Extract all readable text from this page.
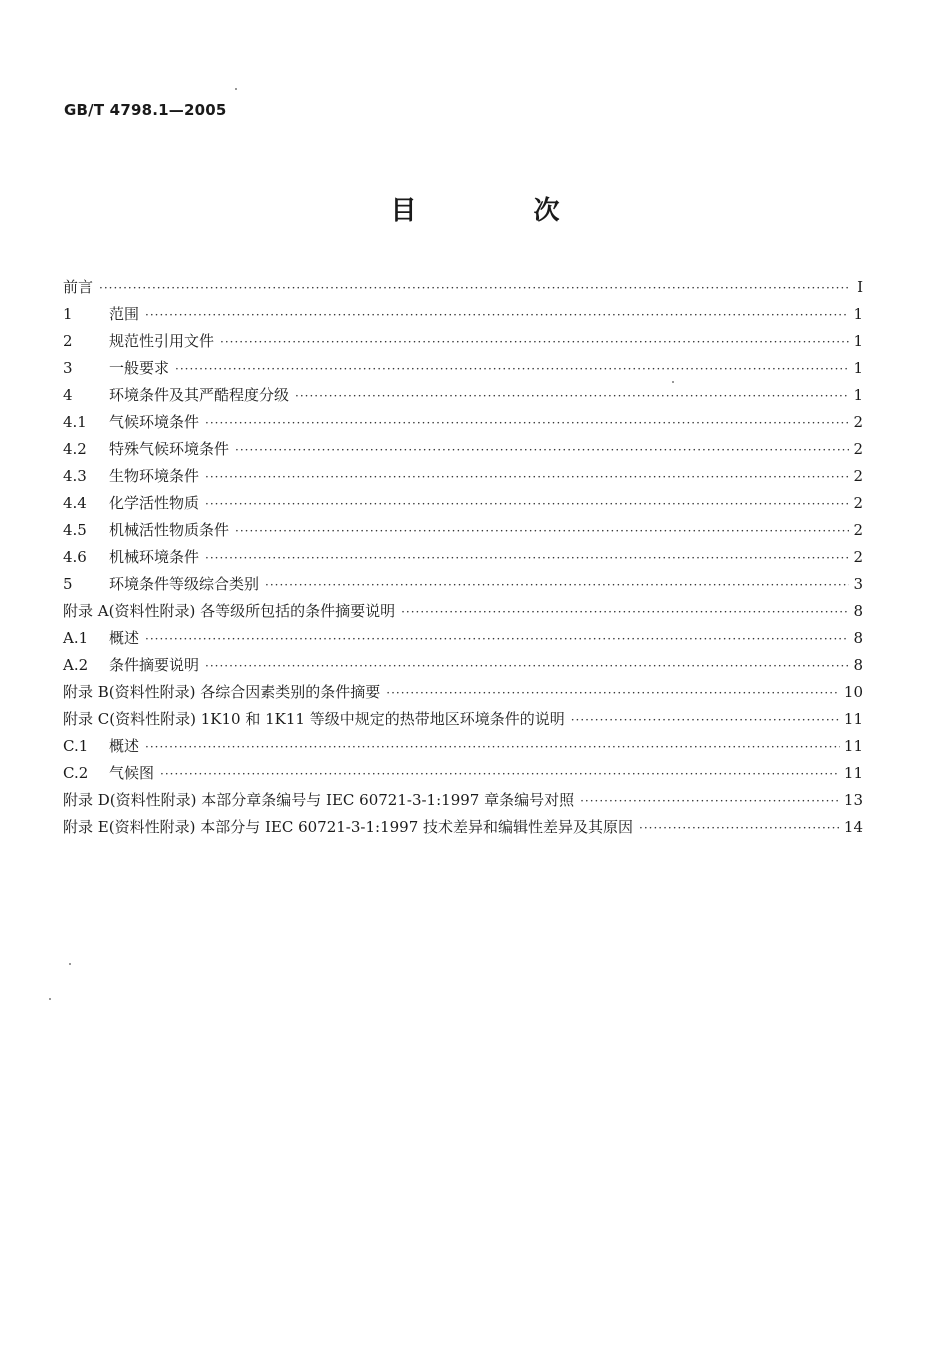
GB/T 4798.1—2005
目 次
前言 ·····	I
1	范围 ·····	1
2	规范性引用文件 ·····	1
3	一般要求 ·····	1
4	环境条件及其严酷程度分级 ·····	1
4.1	气候环境条件 ·····	2
4.2	特殊气候环境条件 ·····	2
4.3	生物环境条件 ·····	2
4.4	化学活性物质 ·····	2
4.5	机械活性物质条件 ·····	2
4.6	机械环境条件 ·····	2
5	环境条件等级综合类别 ·····	3
附录 A(资料性附录) 各等级所包括的条件摘要说明 ·····	8
A.1	概述 ·····	8
A.2	条件摘要说明 ·····	8
附录 B(资料性附录) 各综合因素类别的条件摘要 ·····	10
附录 C(资料性附录) 1K10 和 1K11 等级中规定的热带地区环境条件的说明 ·····	11
C.1	概述 ·····	11
C.2	气候图 ·····	11
附录 D(资料性附录) 本部分章条编号与 IEC 60721-3-1:1997 章条编号对照 ·····	13
附录 E(资料性附录) 本部分与 IEC 60721-3-1:1997 技术差异和编辑性差异及其原因 ·····	14
